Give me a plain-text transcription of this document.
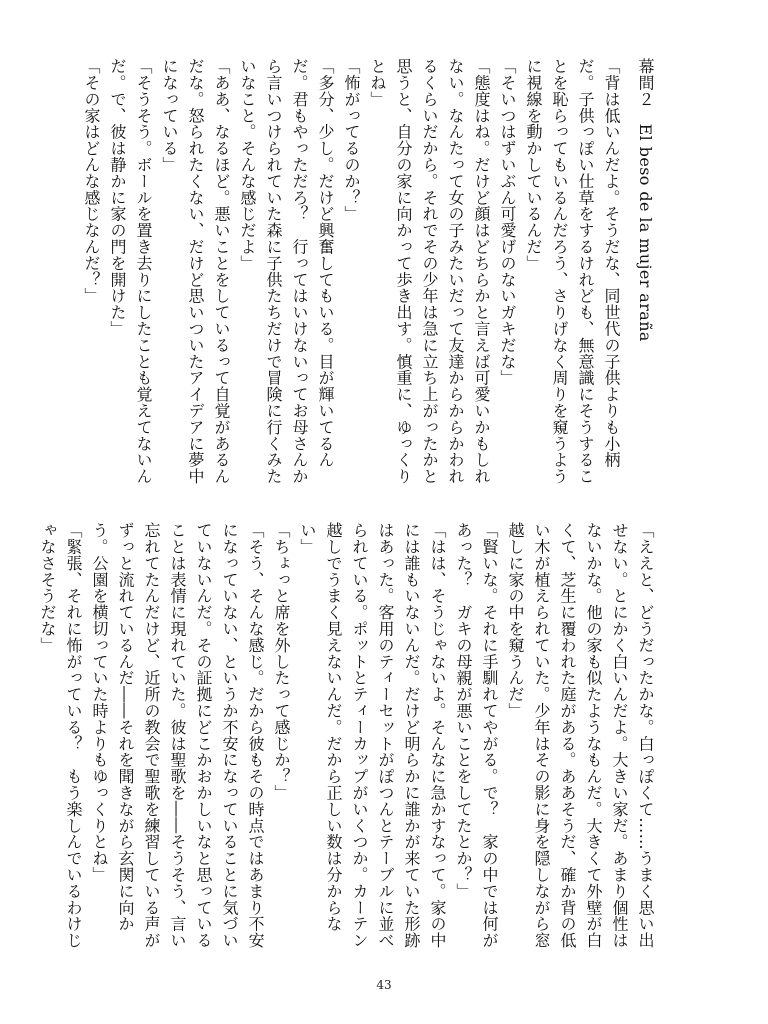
幕間２　El beso de la mujer araña

「背は低いんだよ。そうだな、同世代の子供よりも小柄だ。子供っぽい仕草をするけれども、無意識にそうすることを恥らってもいるんだろう、さりげなく周りを窺うように視線を動かしているんだ」

「そいつはずいぶん可愛げのないガキだな」

「態度はね。だけど顔はどちらかと言えば可愛いかもしれない。なんたって女の子みたいだって友達からからかわれるくらいだから。それでその少年は急に立ち上がったかと思うと、自分の家に向かって歩き出す。慎重に、ゆっくりとね」

「怖がってるのか？」

「多分、少し。だけど興奮してもいる。目が輝いてるんだ。君もやっただろ？　行ってはいけないってお母さんから言いつけられていた森に子供たちだけで冒険に行くみたいなこと。そんな感じだよ」

「ああ、なるほど。悪いことをしているって自覚があるんだな。怒られたくない、だけど思いついたアイデアに夢中になっている」

「そうそう。ボールを置き去りにしたことも覚えてないんだ。で、彼は静かに家の門を開けた」

「その家はどんな感じなんだ？」

「ええと、どうだったかな。白っぽくて……うまく思い出せない。とにかく白いんだよ。大きい家だ。あまり個性はないかな。他の家も似たようなもんだ。大きくて外壁が白くて、芝生に覆われた庭がある。ああそうだ、確か背の低い木が植えられていた。少年はその影に身を隠しながら窓越しに家の中を窺うんだ」

「賢いな。それに手馴れてやがる。で？　家の中では何があった？　ガキの母親が悪いことをしてたとか？」

「はは、そうじゃないよ。そんなに急かすなって。家の中には誰もいないんだ。だけど明らかに誰かが来ていた形跡はあった。客用のティーセットがぽつんとテーブルに並べられている。ポットとティーカップがいくつか。カーテン越しでうまく見えないんだ。だから正しい数は分からない」

「ちょっと席を外したって感じか？」

「そう、そんな感じ。だから彼もその時点ではあまり不安になっていない、というか不安になっていることに気づいていないんだ。その証拠にどこかおかしいなと思っていることは表情に現れていた。彼は聖歌を――そうそう、言い忘れてたんだけど、近所の教会で聖歌を練習している声がずっと流れているんだ――それを聞きながら玄関に向かう。公園を横切っていた時よりもゆっくりとね」

「緊張、それに怖がっている？　もう楽しんでいるわけじゃなさそうだな」

43
